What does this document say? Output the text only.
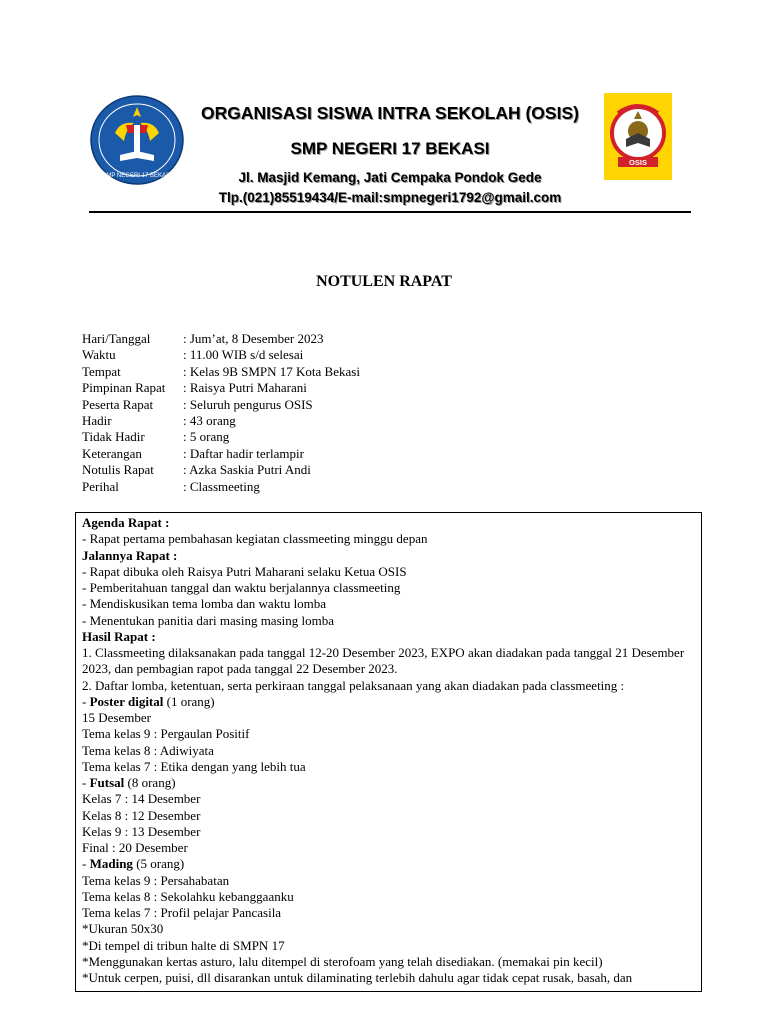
SMP NEGERI 17 BEKASI
ORGANISASI SISWA INTRA SEKOLAH (OSIS)
SMP NEGERI 17 BEKASI
Jl. Masjid Kemang, Jati Cempaka Pondok Gede
Tlp.(021)85519434/E-mail:smpnegeri1792@gmail.com
OSIS
NOTULEN RAPAT
Hari/Tanggal	: Jum’at, 8 Desember 2023
Waktu	: 11.00 WIB s/d selesai
Tempat	: Kelas 9B SMPN 17 Kota Bekasi
Pimpinan Rapat	: Raisya Putri Maharani
Peserta Rapat	: Seluruh pengurus OSIS
Hadir	: 43 orang
Tidak Hadir	: 5 orang
Keterangan	: Daftar hadir terlampir
Notulis Rapat	: Azka Saskia Putri Andi
Perihal	: Classmeeting
Agenda Rapat :
- Rapat pertama pembahasan kegiatan classmeeting minggu depan
Jalannya Rapat :
- Rapat dibuka oleh Raisya Putri Maharani selaku Ketua OSIS
- Pemberitahuan tanggal dan waktu berjalannya classmeeting
- Mendiskusikan tema lomba dan waktu lomba
- Menentukan panitia dari masing masing lomba
Hasil Rapat :
1. Classmeeting dilaksanakan pada tanggal 12-20 Desember 2023, EXPO akan diadakan pada tanggal 21 Desember 2023, dan pembagian rapot pada tanggal 22 Desember 2023.
2. Daftar lomba, ketentuan, serta perkiraan tanggal pelaksanaan yang akan diadakan pada classmeeting :
- Poster digital (1 orang)
15 Desember
Tema kelas 9 : Pergaulan Positif
Tema kelas 8 : Adiwiyata
Tema kelas 7 : Etika dengan yang lebih tua
- Futsal (8 orang)
Kelas 7 : 14 Desember
Kelas 8 : 12 Desember
Kelas 9 : 13 Desember
Final : 20 Desember
- Mading (5 orang)
Tema kelas 9 : Persahabatan
Tema kelas 8 : Sekolahku kebanggaanku
Tema kelas 7 : Profil pelajar Pancasila
*Ukuran 50x30
*Di tempel di tribun halte di SMPN 17
*Menggunakan kertas asturo, lalu ditempel di sterofoam yang telah disediakan. (memakai pin kecil)
*Untuk cerpen, puisi, dll disarankan untuk dilaminating terlebih dahulu agar tidak cepat rusak, basah, dan
